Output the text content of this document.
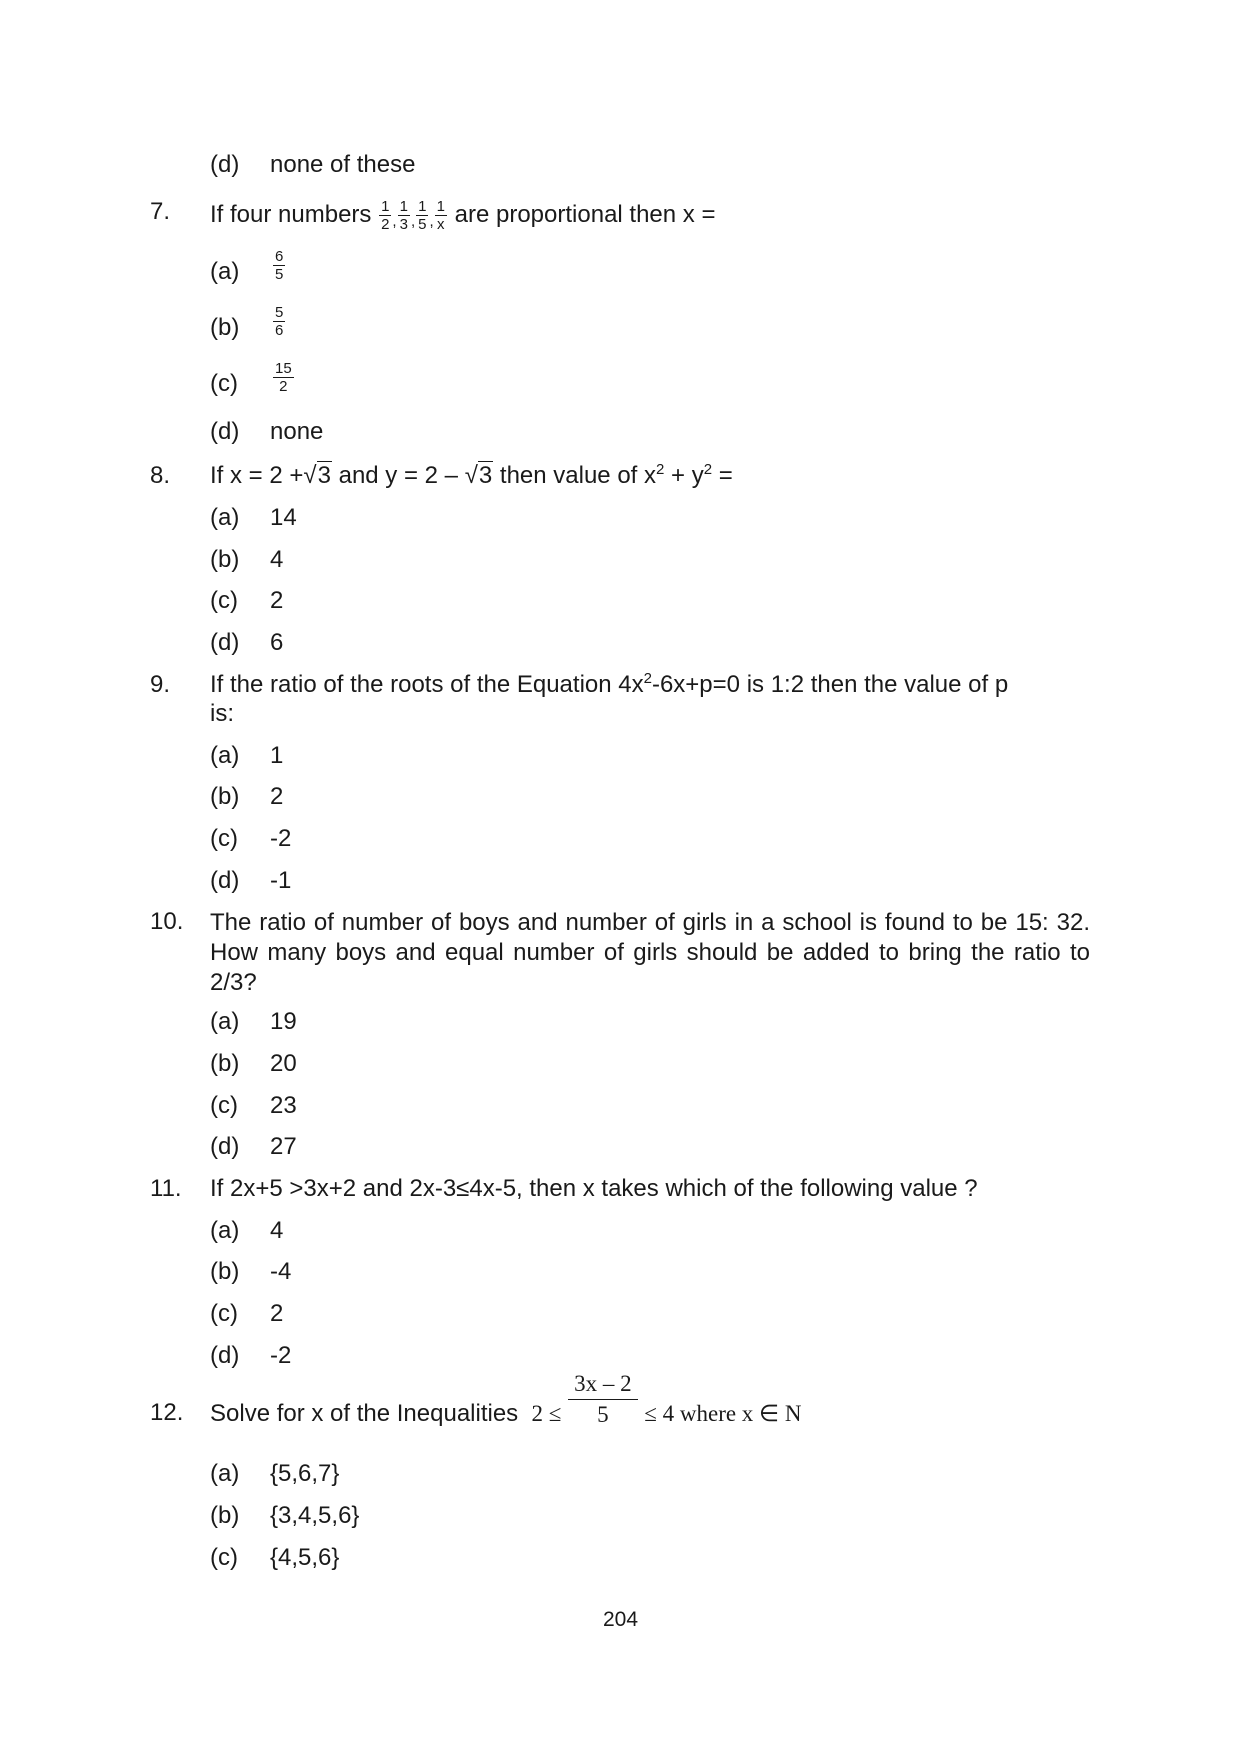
(d) none of these
7. If four numbers $\frac{1}{2}$ , $\frac{1}{3}$ , $\frac{1}{5}$ , $\frac{1}{x}$ are proportional then x =
$(a) \frac{6}{5}$
$(b) \frac{5}{6}$
$(c) \frac{15}{2}$
(d) none
8. If x = 2 +√3 and y = 2 – √3 then value of $x^2 + y^2$ =
(a) 14
(b) 4
(c) 2
(d) 6
9. If the ratio of the roots of the Equation $4x^2-6x+p=0$ is 1:2 then the value of p
is:
(a) 1
(b) 2
(c) -2
(d) -1
10. The ratio of number of boys and number of girls in a school is found to be 15: 32. How many boys and equal number of girls should be added to bring the ratio to 2/3?
(a) 19
(b) 20
(c) 23
(d) 27
11. If 2x+5 >3x+2 and 2x-3≤4x-5, then x takes which of the following value ?
(a) 4
(b) -4
(c) 2
(d) -2
12. Solve for x of the Inequalities $2 \le \frac{3x - 2}{5} \le 4$ where x ∈ N
(a) {5,6,7}
(b) {3,4,5,6}
(c) {4,5,6}
204
